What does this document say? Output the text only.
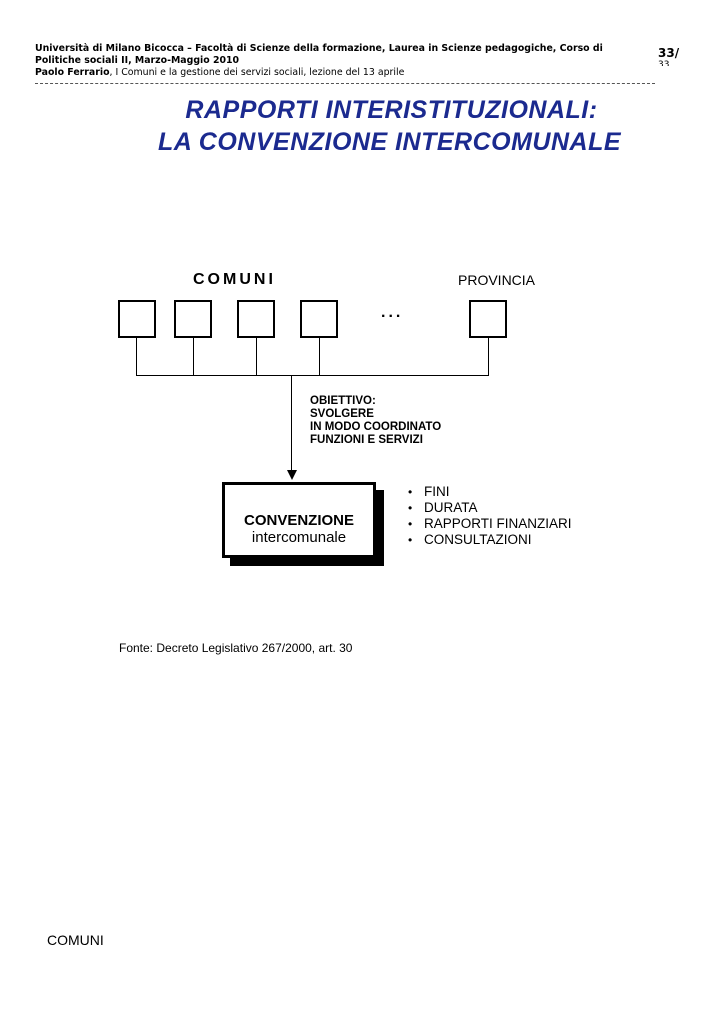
Università di Milano Bicocca – Facoltà di Scienze della formazione, Laurea in Scienze pedagogiche, Corso di
Politiche sociali II, Marzo-Maggio 2010
Paolo Ferrario, I Comuni e la gestione dei servizi sociali, lezione del 13 aprile
33/
33
RAPPORTI INTERISTITUZIONALI:
LA CONVENZIONE INTERCOMUNALE
COMUNI	PROVINCIA
...
OBIETTIVO:
SVOLGERE
IN MODO COORDINATO
FUNZIONI E SERVIZI
CONVENZIONE
intercomunale
• FINI
• DURATA
• RAPPORTI FINANZIARI
• CONSULTAZIONI
Fonte: Decreto Legislativo 267/2000, art. 30
COMUNI
